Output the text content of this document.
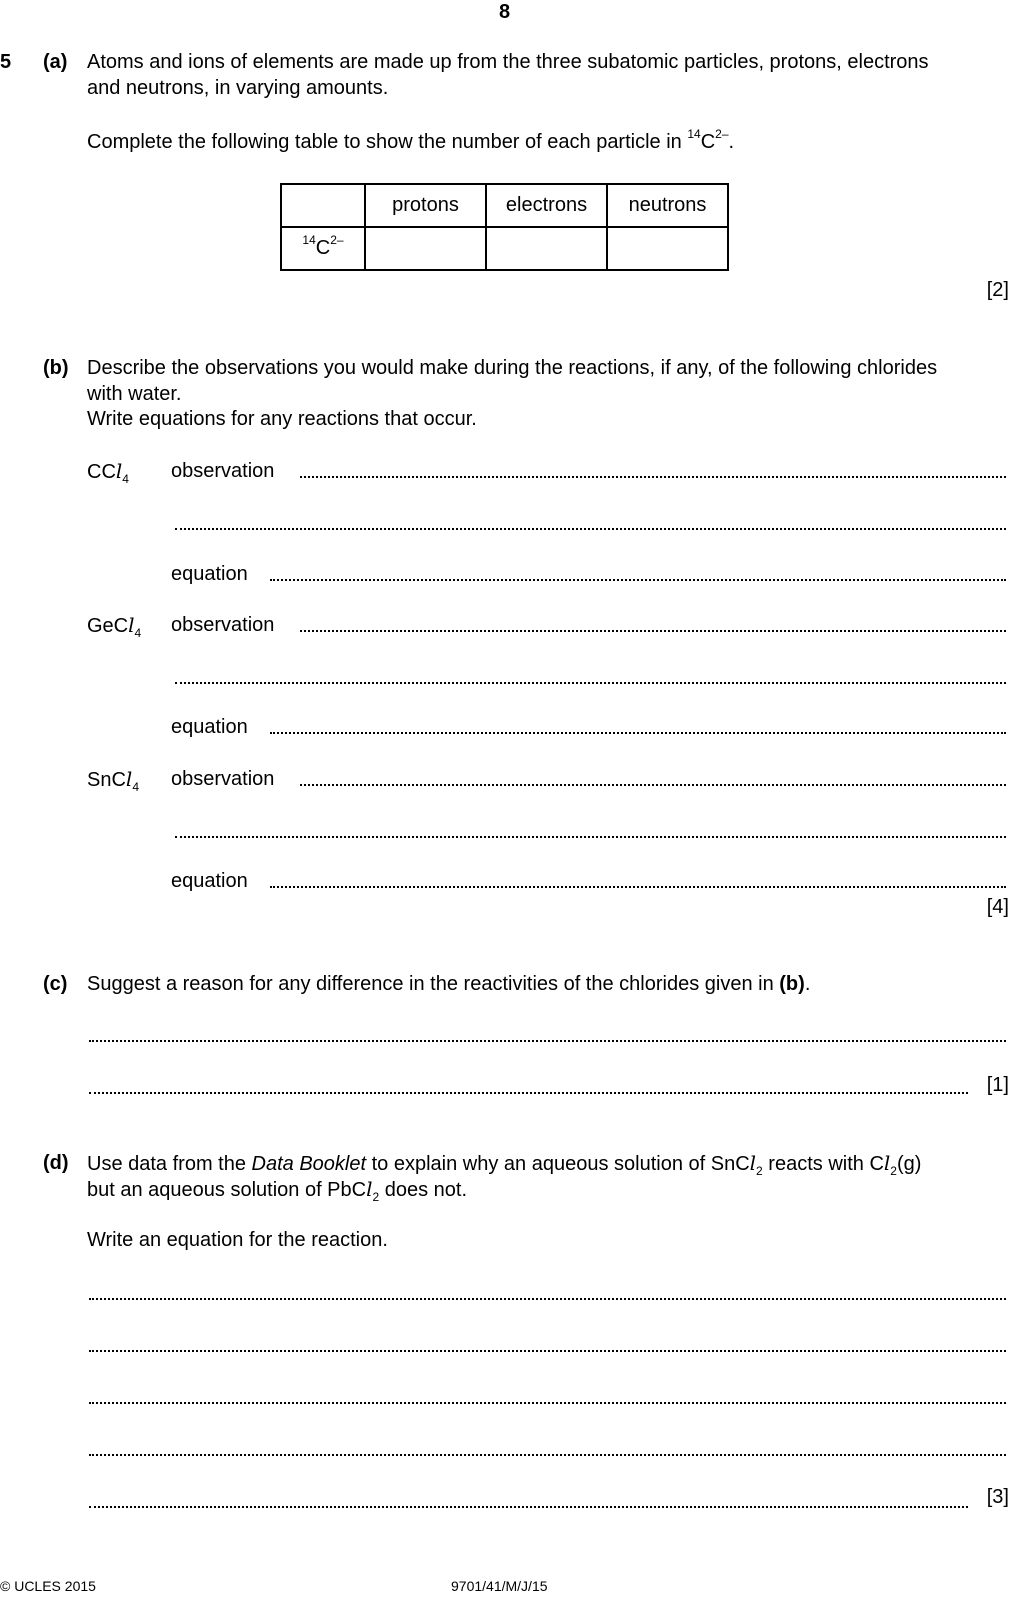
8
5 (a) Atoms and ions of elements are made up from the three subatomic particles, protons, electrons
and neutrons, in varying amounts.
Complete the following table to show the number of each particle in $^{14}C^{2-}$.
	protons	electrons	neutrons
$^{14}C^{2-}$			
[2]
(b) Describe the observations you would make during the reactions, if any, of the following chlorides
with water.
Write equations for any reactions that occur.
CCl$_4$ observation
equation
GeCl$_4$ observation
equation
SnCl$_4$ observation
equation
[4]
(c) Suggest a reason for any difference in the reactivities of the chlorides given in (b).
[1]
(d) Use data from the Data Booklet to explain why an aqueous solution of SnCl$_2$ reacts with $Cl_2(g)$
but an aqueous solution of PbCl$_2$ does not.
Write an equation for the reaction.
[3]
© UCLES 2015	9701/41/M/J/15
